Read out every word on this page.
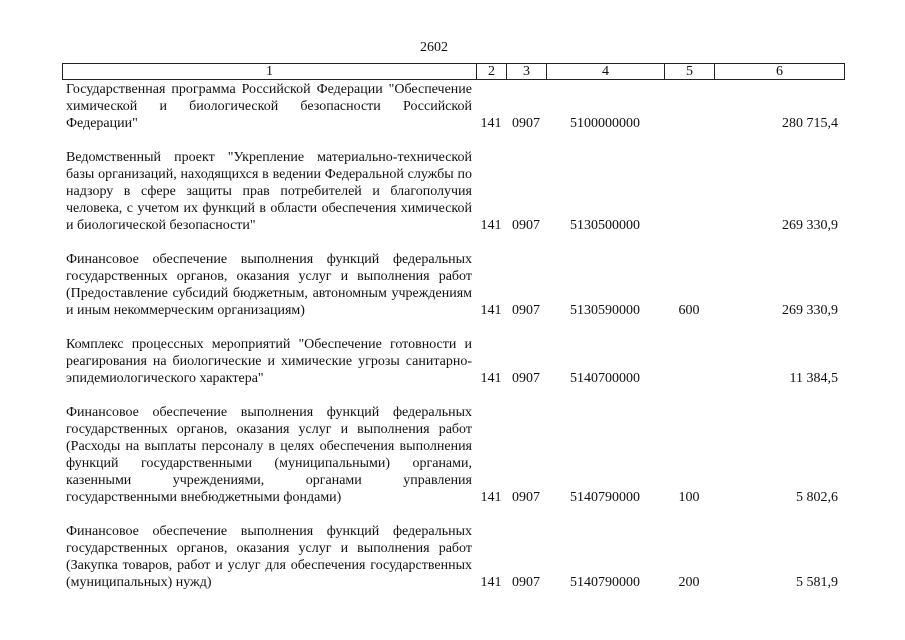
2602
1	2	3	4	5	6
Государственная программа Российской Федерации "Обеспечение химической и биологической безопасности Российской Федерации"	141	0907	5100000000		280 715,4

Ведомственный проект "Укрепление материально-технической базы организаций, находящихся в ведении Федеральной службы по надзору в сфере защиты прав потребителей и благополучия человека, с учетом их функций в области обеспечения химической и биологической безопасности"	141	0907	5130500000		269 330,9

Финансовое обеспечение выполнения функций федеральных государственных органов, оказания услуг и выполнения работ (Предоставление субсидий бюджетным, автономным учреждениям и иным некоммерческим организациям)	141	0907	5130590000	600	269 330,9

Комплекс процессных мероприятий "Обеспечение готовности и реагирования на биологические и химические угрозы санитарно-эпидемиологического характера"	141	0907	5140700000		11 384,5

Финансовое обеспечение выполнения функций федеральных государственных органов, оказания услуг и выполнения работ (Расходы на выплаты персоналу в целях обеспечения выполнения функций государственными (муниципальными) органами, казенными учреждениями, органами управления государственными внебюджетными фондами)	141	0907	5140790000	100	5 802,6

Финансовое обеспечение выполнения функций федеральных государственных органов, оказания услуг и выполнения работ (Закупка товаров, работ и услуг для обеспечения государственных (муниципальных) нужд)	141	0907	5140790000	200	5 581,9
